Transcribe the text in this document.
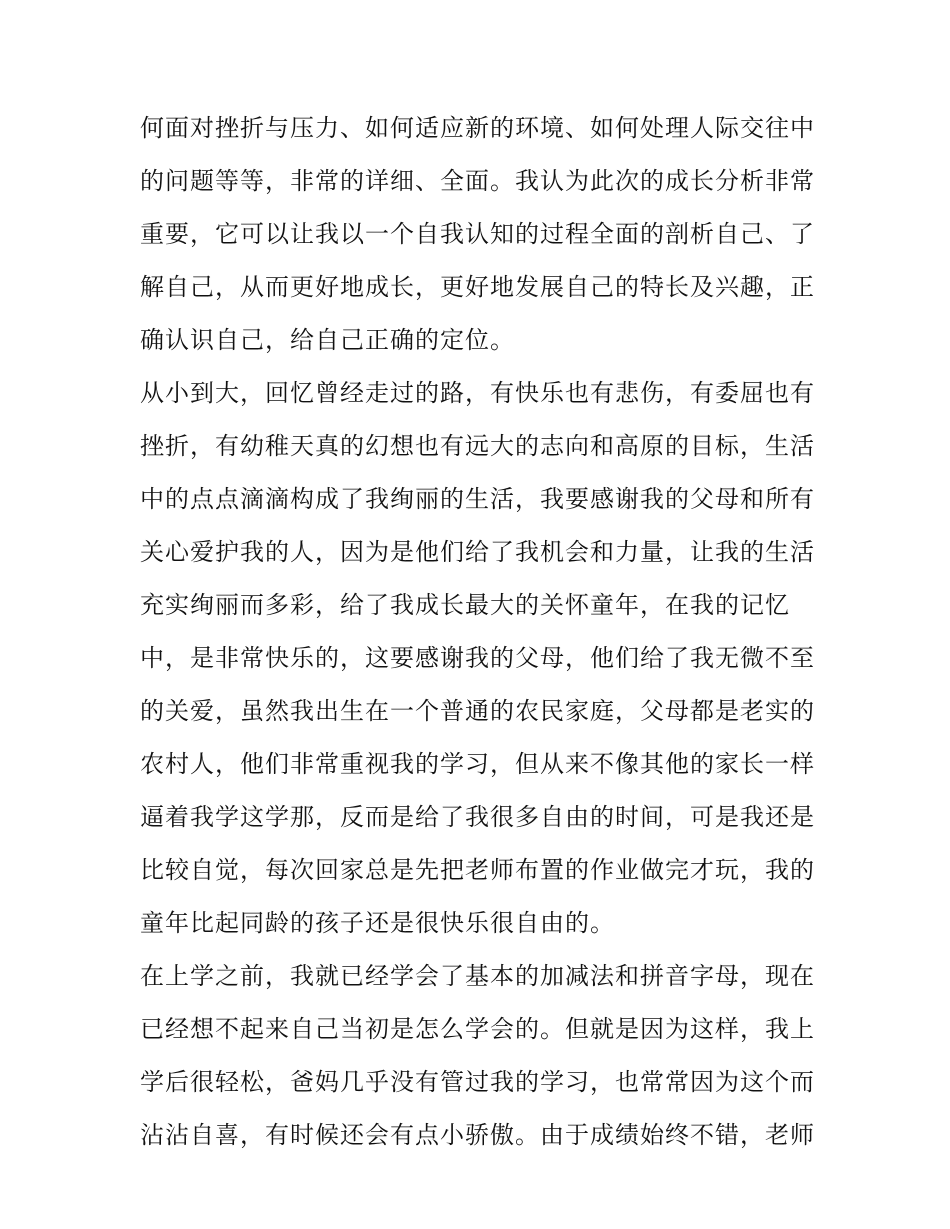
何面对挫折与压力、如何适应新的环境、如何处理人际交往中
的问题等等，非常的详细、全面。我认为此次的成长分析非常
重要，它可以让我以一个自我认知的过程全面的剖析自己、了
解自己，从而更好地成长，更好地发展自己的特长及兴趣，正
确认识自己，给自己正确的定位。
从小到大，回忆曾经走过的路，有快乐也有悲伤，有委屈也有
挫折，有幼稚天真的幻想也有远大的志向和高原的目标，生活
中的点点滴滴构成了我绚丽的生活，我要感谢我的父母和所有
关心爱护我的人，因为是他们给了我机会和力量，让我的生活
充实绚丽而多彩，给了我成长最大的关怀童年，在我的记忆
中，是非常快乐的，这要感谢我的父母，他们给了我无微不至
的关爱，虽然我出生在一个普通的农民家庭，父母都是老实的
农村人，他们非常重视我的学习，但从来不像其他的家长一样
逼着我学这学那，反而是给了我很多自由的时间，可是我还是
比较自觉，每次回家总是先把老师布置的作业做完才玩，我的
童年比起同龄的孩子还是很快乐很自由的。
在上学之前，我就已经学会了基本的加减法和拼音字母，现在
已经想不起来自己当初是怎么学会的。但就是因为这样，我上
学后很轻松，爸妈几乎没有管过我的学习，也常常因为这个而
沾沾自喜，有时候还会有点小骄傲。由于成绩始终不错，老师
